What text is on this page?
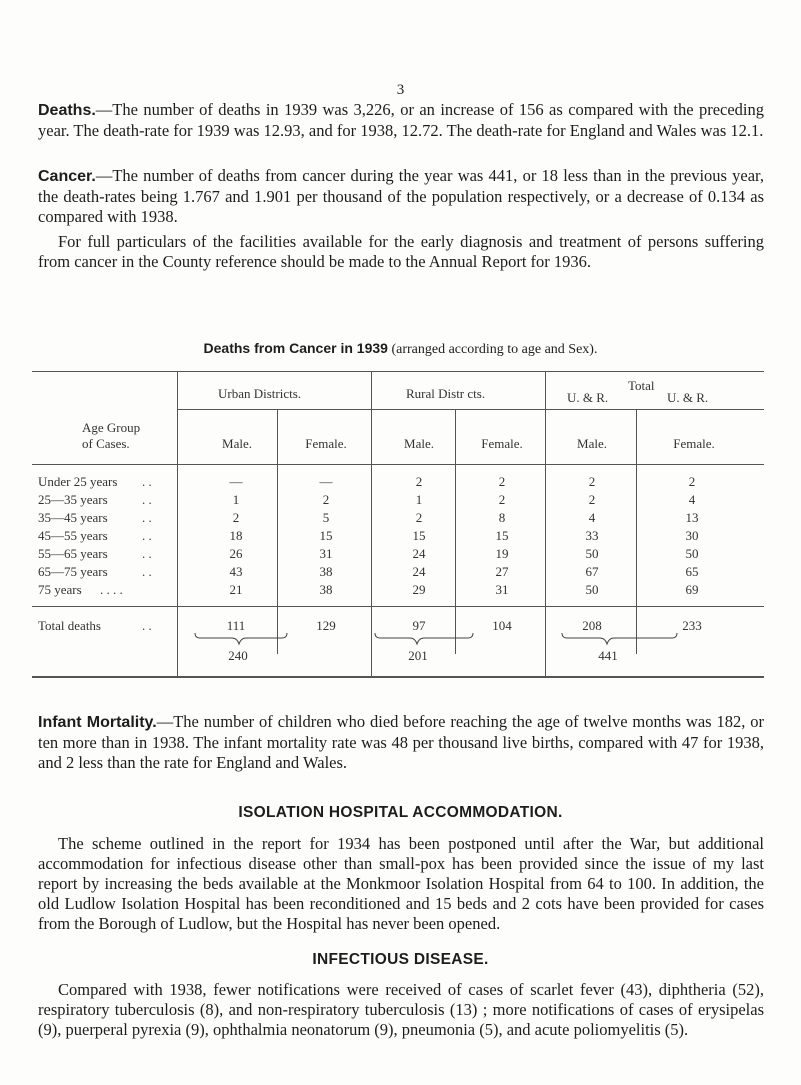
3

Deaths.—The number of deaths in 1939 was 3,226, or an increase of 156 as compared with the preceding year. The death-rate for 1939 was 12.93, and for 1938, 12.72. The death-rate for England and Wales was 12.1.

Cancer.—The number of deaths from cancer during the year was 441, or 18 less than in the previous year, the death-rates being 1.767 and 1.901 per thousand of the population respectively, or a decrease of 0.134 as compared with 1938.

For full particulars of the facilities available for the early diagnosis and treatment of persons suffering from cancer in the County reference should be made to the Annual Report for 1936.

Deaths from Cancer in 1939 (arranged according to age and Sex).
Urban Districts.	Rural Distr cts.
Total
U. & R.	U. & R.
Age Group
of Cases.	Male.	Female.	Male.	Female.	Male.	Female.
Under 25 years . .	—	—	2	2	2	2
25—35 years	. .	1	2	1	2	2	4
35—45 years	. .	2	5	2	8	4	13
45—55 years	. .	18	15	15	15	33	30
55—65 years	. .	26	31	24	19	50	50
65—75 years	. .	43	38	24	27	67	65
75 years . . . .	21	38	29	31	50	69
Total deaths	. .	111	129	97	104	208	233
240	201	441

Infant Mortality.—The number of children who died before reaching the age of twelve months was 182, or ten more than in 1938. The infant mortality rate was 48 per thousand live births, compared with 47 for 1938, and 2 less than the rate for England and Wales.

ISOLATION HOSPITAL ACCOMMODATION.

The scheme outlined in the report for 1934 has been postponed until after the War, but additional accommodation for infectious disease other than small-pox has been provided since the issue of my last report by increasing the beds available at the Monkmoor Isolation Hospital from 64 to 100. In addition, the old Ludlow Isolation Hospital has been reconditioned and 15 beds and 2 cots have been provided for cases from the Borough of Ludlow, but the Hospital has never been opened.

INFECTIOUS DISEASE.

Compared with 1938, fewer notifications were received of cases of scarlet fever (43), diphtheria (52), respiratory tuberculosis (8), and non-respiratory tuberculosis (13) ; more notifications of cases of erysipelas (9), puerperal pyrexia (9), ophthalmia neonatorum (9), pneumonia (5), and acute poliomyelitis (5).
